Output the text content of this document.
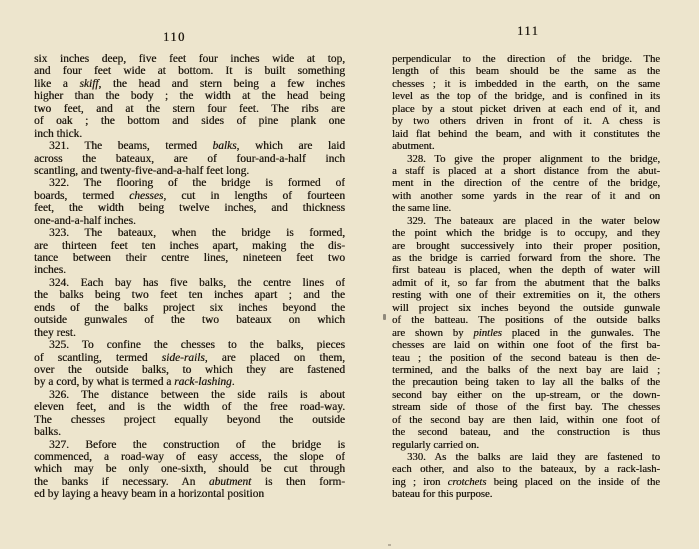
110	111
six inches deep, five feet four inches wide at top,
and four feet wide at bottom. It is built something
like a skiff, the head and stern being a few inches
higher than the body ; the width at the head being
two feet, and at the stern four feet. The ribs are
of oak ; the bottom and sides of pine plank one
inch thick.
321. The beams, termed balks, which are laid
across the bateaux, are of four-and-a-half inch
scantling, and twenty-five-and-a-half feet long.
322. The flooring of the bridge is formed of
boards, termed chesses, cut in lengths of fourteen
feet, the width being twelve inches, and thickness
one-and-a-half inches.
323. The bateaux, when the bridge is formed,
are thirteen feet ten inches apart, making the dis-
tance between their centre lines, nineteen feet two
inches.
324. Each bay has five balks, the centre lines of
the balks being two feet ten inches apart ; and the
ends of the balks project six inches beyond the
outside gunwales of the two bateaux on which
they rest.
325. To confine the chesses to the balks, pieces
of scantling, termed side-rails, are placed on them,
over the outside balks, to which they are fastened
by a cord, by what is termed a rack-lashing.
326. The distance between the side rails is about
eleven feet, and is the width of the free road-way.
The chesses project equally beyond the outside
balks.
327. Before the construction of the bridge is
commenced, a road-way of easy access, the slope of
which may be only one-sixth, should be cut through
the banks if necessary. An abutment is then form-
ed by laying a heavy beam in a horizontal position
perpendicular to the direction of the bridge. The
length of this beam should be the same as the
chesses ; it is imbedded in the earth, on the same
level as the top of the bridge, and is confined in its
place by a stout picket driven at each end of it, and
by two others driven in front of it. A chess is
laid flat behind the beam, and with it constitutes the
abutment.
328. To give the proper alignment to the bridge,
a staff is placed at a short distance from the abut-
ment in the direction of the centre of the bridge,
with another some yards in the rear of it and on
the same line.
329. The bateaux are placed in the water below
the point which the bridge is to occupy, and they
are brought successively into their proper position,
as the bridge is carried forward from the shore. The
first bateau is placed, when the depth of water will
admit of it, so far from the abutment that the balks
resting with one of their extremities on it, the others
will project six inches beyond the outside gunwale
of the batteau. The positions of the outside balks
are shown by pintles placed in the gunwales. The
chesses are laid on within one foot of the first ba-
teau ; the position of the second bateau is then de-
termined, and the balks of the next bay are laid ;
the precaution being taken to lay all the balks of the
second bay either on the up-stream, or the down-
stream side of those of the first bay. The chesses
of the second bay are then laid, within one foot of
the second bateau, and the construction is thus
regularly carried on.
330. As the balks are laid they are fastened to
each other, and also to the bateaux, by a rack-lash-
ing ; iron crotchets being placed on the inside of the
bateau for this purpose.
